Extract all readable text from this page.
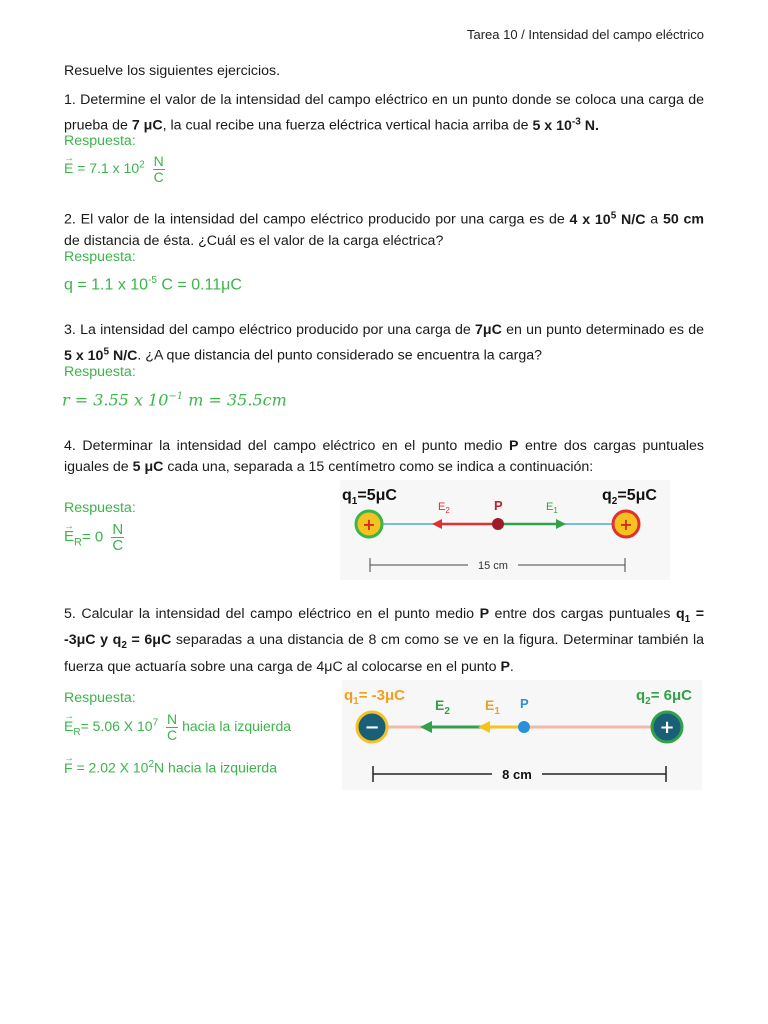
Tarea 10 / Intensidad del campo eléctrico
Resuelve los siguientes ejercicios.
1. Determine el valor de la intensidad del campo eléctrico en un punto donde se coloca una carga de prueba de 7 μC, la cual recibe una fuerza eléctrica vertical hacia arriba de 5 x $10^{-3}$ N.
Respuesta:
→ E = 7.1 x $10^2 \frac{N}{C}$
2. El valor de la intensidad del campo eléctrico producido por una carga es de 4 x $10^5$ N/C a 50 cm de distancia de ésta. ¿Cuál es el valor de la carga eléctrica?
Respuesta:
q = 1.1 x $10^{-5}$ C = 0.11μC
3. La intensidad del campo eléctrico producido por una carga de 7μC en un punto determinado es de 5 x $10^5$ N/C. ¿A que distancia del punto considerado se encuentra la carga?
Respuesta:
r = 3.55 x $10^{-1}$ m = 35.5cm
4. Determinar la intensidad del campo eléctrico en el punto medio P entre dos cargas puntuales iguales de 5 μC cada una, separada a 15 centímetro como se indica a continuación:
Respuesta:
→ $E_R= 0 \frac{N}{C}$
$q_1=5\mu C$	$q_2=5\mu C$
$E_2$	$E_1$
P
+	+
15 cm
5. Calcular la intensidad del campo eléctrico en el punto medio P entre dos cargas puntuales $q_1 = -3\mu C$ y $q_2 = 6\mu C$ separadas a una distancia de 8 cm como se ve en la figura. Determinar también la fuerza que actuaría sobre una carga de 4μC al colocarse en el punto P.
Respuesta:
→ $E_R= 5.06$ X $10^7 \frac{N}{C}$ hacia la izquierda
→ F = 2.02 X $10^2N$ hacia la izquierda
$q_1= -3\mu C$	$q_2= 6\mu C$
$E_2$	$E_1$
P
−	+
8 cm
